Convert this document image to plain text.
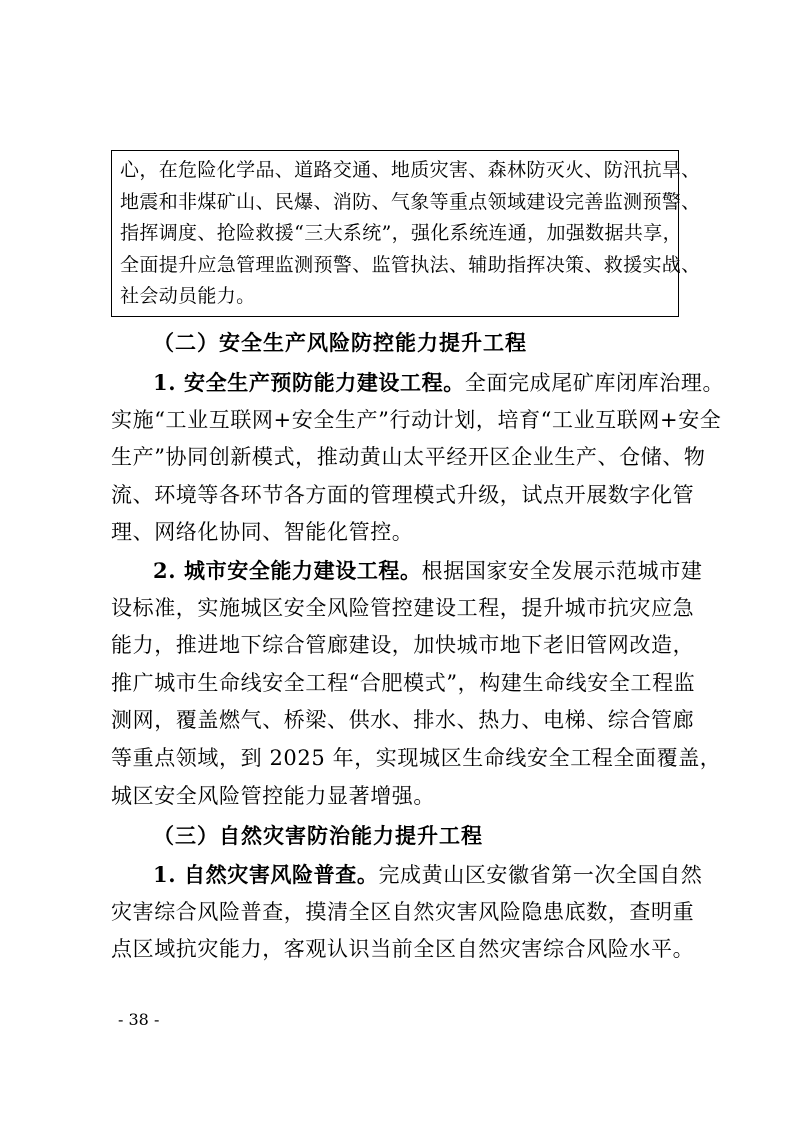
心，在危险化学品、道路交通、地质灾害、森林防灭火、防汛抗旱、
地震和非煤矿山、民爆、消防、气象等重点领域建设完善监测预警、
指挥调度、抢险救援“三大系统”，强化系统连通，加强数据共享，
全面提升应急管理监测预警、监管执法、辅助指挥决策、救援实战、
社会动员能力。
（二）安全生产风险防控能力提升工程
1. 安全生产预防能力建设工程。全面完成尾矿库闭库治理。
实施“工业互联网+安全生产”行动计划，培育“工业互联网+安全
生产”协同创新模式，推动黄山太平经开区企业生产、仓储、物
流、环境等各环节各方面的管理模式升级，试点开展数字化管
理、网络化协同、智能化管控。
2. 城市安全能力建设工程。根据国家安全发展示范城市建
设标准，实施城区安全风险管控建设工程，提升城市抗灾应急
能力，推进地下综合管廊建设，加快城市地下老旧管网改造，
推广城市生命线安全工程“合肥模式”，构建生命线安全工程监
测网，覆盖燃气、桥梁、供水、排水、热力、电梯、综合管廊
等重点领域，到 2025 年，实现城区生命线安全工程全面覆盖，
城区安全风险管控能力显著增强。
（三）自然灾害防治能力提升工程
1. 自然灾害风险普查。完成黄山区安徽省第一次全国自然
灾害综合风险普查，摸清全区自然灾害风险隐患底数，查明重
点区域抗灾能力，客观认识当前全区自然灾害综合风险水平。
- 38 -
